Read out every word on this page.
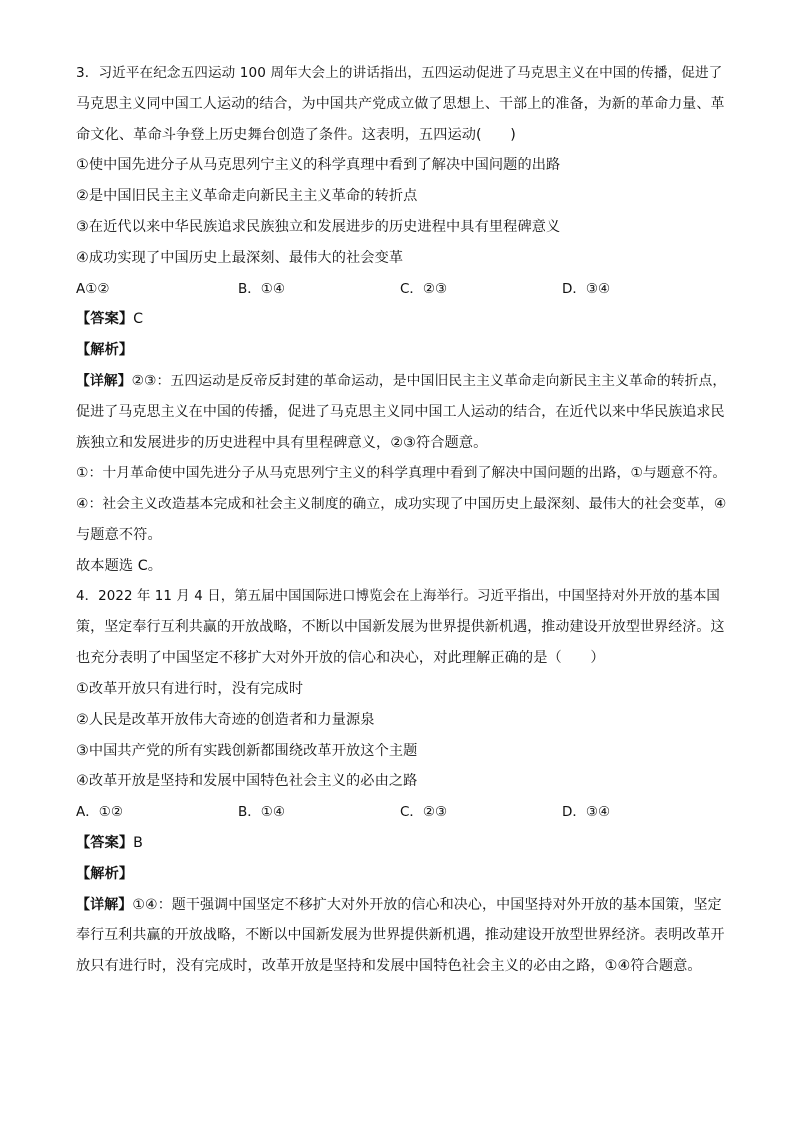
3．习近平在纪念五四运动 100 周年大会上的讲话指出，五四运动促进了马克思主义在中国的传播，促进了
马克思主义同中国工人运动的结合，为中国共产党成立做了思想上、干部上的准备，为新的革命力量、革
命文化、革命斗争登上历史舞台创造了条件。这表明，五四运动(　　)
①使中国先进分子从马克思列宁主义的科学真理中看到了解决中国问题的出路
②是中国旧民主主义革命走向新民主主义革命的转折点
③在近代以来中华民族追求民族独立和发展进步的历史进程中具有里程碑意义
④成功实现了中国历史上最深刻、最伟大的社会变革
A①②	B．①④	C．②③	D．③④
【答案】C
【解析】
【详解】②③：五四运动是反帝反封建的革命运动，是中国旧民主主义革命走向新民主主义革命的转折点，
促进了马克思主义在中国的传播，促进了马克思主义同中国工人运动的结合，在近代以来中华民族追求民
族独立和发展进步的历史进程中具有里程碑意义，②③符合题意。
①：十月革命使中国先进分子从马克思列宁主义的科学真理中看到了解决中国问题的出路，①与题意不符。
④：社会主义改造基本完成和社会主义制度的确立，成功实现了中国历史上最深刻、最伟大的社会变革，④
与题意不符。
故本题选 C。
4．2022 年 11 月 4 日，第五届中国国际进口博览会在上海举行。习近平指出，中国坚持对外开放的基本国
策，坚定奉行互利共赢的开放战略，不断以中国新发展为世界提供新机遇，推动建设开放型世界经济。这
也充分表明了中国坚定不移扩大对外开放的信心和决心，对此理解正确的是（　　）
①改革开放只有进行时，没有完成时
②人民是改革开放伟大奇迹的创造者和力量源泉
③中国共产党的所有实践创新都围绕改革开放这个主题
④改革开放是坚持和发展中国特色社会主义的必由之路
A．①②	B．①④	C．②③	D．③④
【答案】B
【解析】
【详解】①④：题干强调中国坚定不移扩大对外开放的信心和决心，中国坚持对外开放的基本国策，坚定
奉行互利共赢的开放战略，不断以中国新发展为世界提供新机遇，推动建设开放型世界经济。表明改革开
放只有进行时，没有完成时，改革开放是坚持和发展中国特色社会主义的必由之路，①④符合题意。
